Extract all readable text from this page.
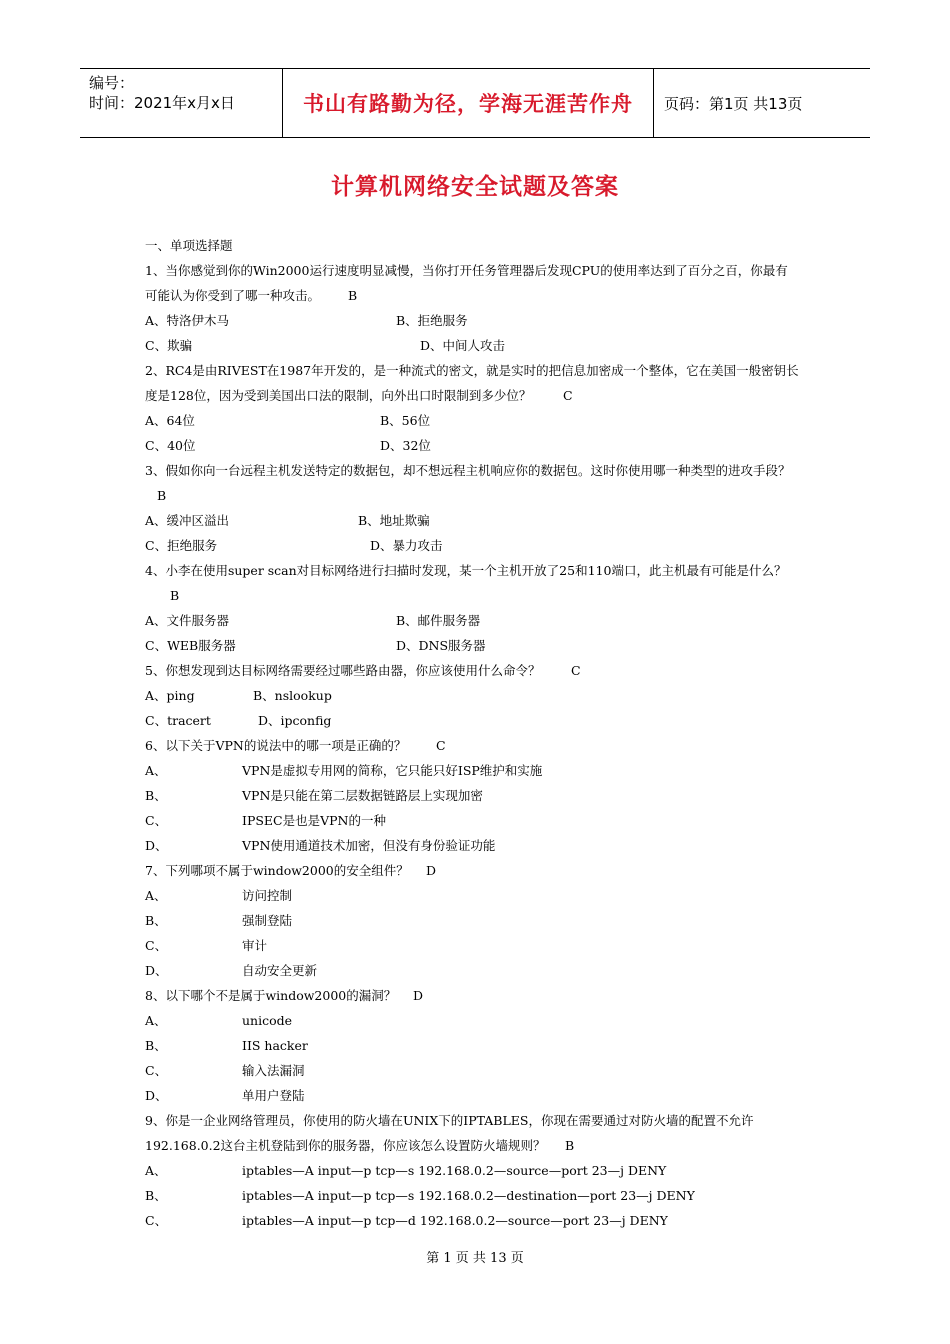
编号：
时间：2021年x月x日	书山有路勤为径，学海无涯苦作舟 页码：第1页 共13页
计算机网络安全试题及答案
一、单项选择题
1、当你感觉到你的Win2000运行速度明显减慢，当你打开任务管理器后发现CPU的使用率达到了百分之百，你最有
可能认为你受到了哪一种攻击。 B
A、特洛伊木马	B、拒绝服务
C、欺骗	D、中间人攻击
2、RC4是由RIVEST在1987年开发的，是一种流式的密文，就是实时的把信息加密成一个整体，它在美国一般密钥长
度是128位，因为受到美国出口法的限制，向外出口时限制到多少位？	C
A、64位	B、56位
C、40位	D、32位
3、假如你向一台远程主机发送特定的数据包，却不想远程主机响应你的数据包。这时你使用哪一种类型的进攻手段？
B
A、缓冲区溢出	B、地址欺骗
C、拒绝服务	D、暴力攻击
4、小李在使用super scan对目标网络进行扫描时发现，某一个主机开放了25和110端口，此主机最有可能是什么？
B
A、文件服务器	B、邮件服务器
C、WEB服务器	D、DNS服务器
5、你想发现到达目标网络需要经过哪些路由器，你应该使用什么命令？ C
A、ping	B、nslookup
C、tracert	D、ipconfig
6、以下关于VPN的说法中的哪一项是正确的？ C
A、	VPN是虚拟专用网的简称，它只能只好ISP维护和实施
B、	VPN是只能在第二层数据链路层上实现加密
C、	IPSEC是也是VPN的一种
D、	VPN使用通道技术加密，但没有身份验证功能
7、下列哪项不属于window2000的安全组件？ D
A、	访问控制
B、	强制登陆
C、	审计
D、	自动安全更新
8、以下哪个不是属于window2000的漏洞？ D
A、	unicode
B、	IIS hacker
C、	输入法漏洞
D、	单用户登陆
9、你是一企业网络管理员，你使用的防火墙在UNIX下的IPTABLES，你现在需要通过对防火墙的配置不允许
192.168.0.2这台主机登陆到你的服务器，你应该怎么设置防火墙规则？ B
A、	iptables—A input—p tcp—s 192.168.0.2—source—port 23—j DENY
B、	iptables—A input—p tcp—s 192.168.0.2—destination—port 23—j DENY
C、	iptables—A input—p tcp—d 192.168.0.2—source—port 23—j DENY
第 1 页 共 13 页
